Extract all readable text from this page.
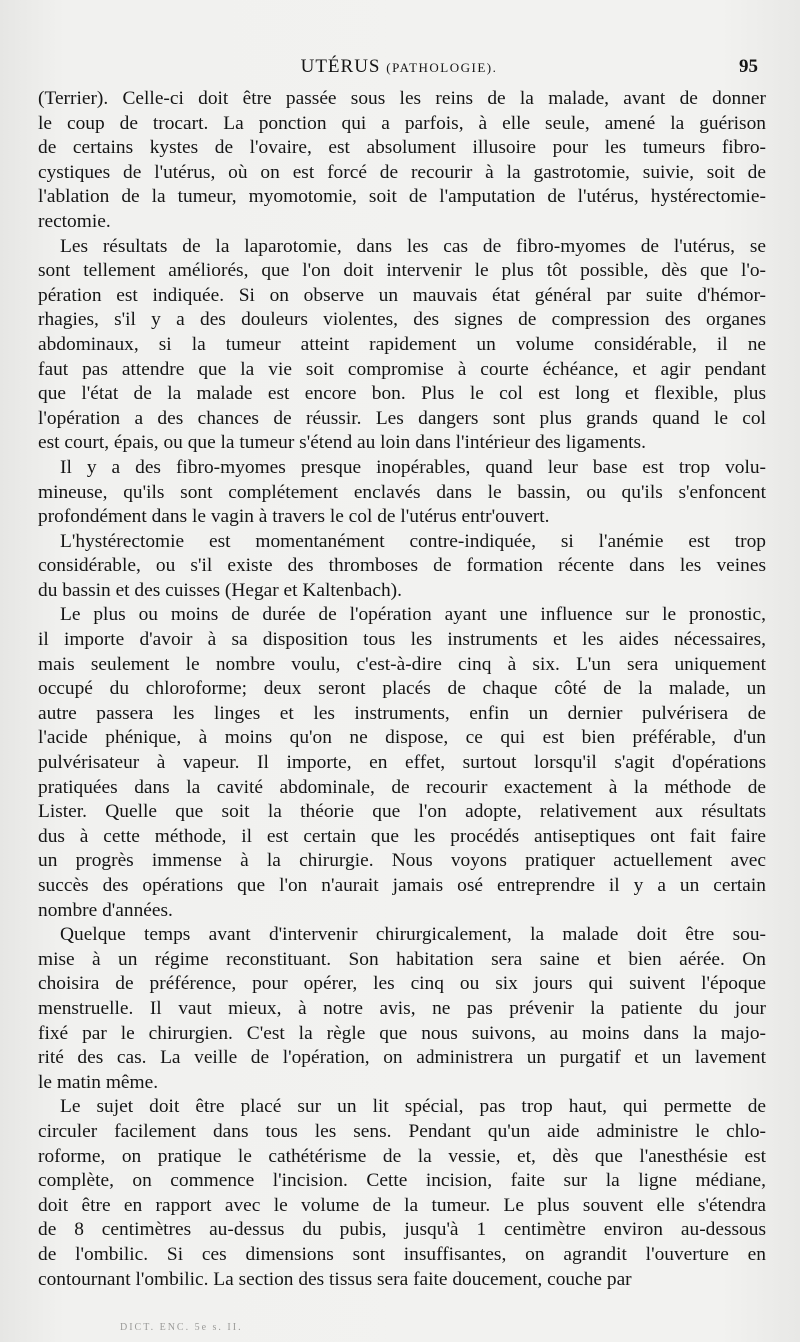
UTÉRUS (PATHOLOGIE).	95
(Terrier). Celle-ci doit être passée sous les reins de la malade, avant de donner
le coup de trocart. La ponction qui a parfois, à elle seule, amené la guérison
de certains kystes de l'ovaire, est absolument illusoire pour les tumeurs fibro-
cystiques de l'utérus, où on est forcé de recourir à la gastrotomie, suivie, soit de
l'ablation de la tumeur, myomotomie, soit de l'amputation de l'utérus, hystérectomie-
rectomie.
Les résultats de la laparotomie, dans les cas de fibro-myomes de l'utérus, se
sont tellement améliorés, que l'on doit intervenir le plus tôt possible, dès que l'o-
pération est indiquée. Si on observe un mauvais état général par suite d'hémor-
rhagies, s'il y a des douleurs violentes, des signes de compression des organes
abdominaux, si la tumeur atteint rapidement un volume considérable, il ne
faut pas attendre que la vie soit compromise à courte échéance, et agir pendant
que l'état de la malade est encore bon. Plus le col est long et flexible, plus
l'opération a des chances de réussir. Les dangers sont plus grands quand le col
est court, épais, ou que la tumeur s'étend au loin dans l'intérieur des ligaments.
Il y a des fibro-myomes presque inopérables, quand leur base est trop volu-
mineuse, qu'ils sont complétement enclavés dans le bassin, ou qu'ils s'enfoncent
profondément dans le vagin à travers le col de l'utérus entr'ouvert.
L'hystérectomie est momentanément contre-indiquée, si l'anémie est trop
considérable, ou s'il existe des thromboses de formation récente dans les veines
du bassin et des cuisses (Hegar et Kaltenbach).
Le plus ou moins de durée de l'opération ayant une influence sur le pronostic,
il importe d'avoir à sa disposition tous les instruments et les aides nécessaires,
mais seulement le nombre voulu, c'est-à-dire cinq à six. L'un sera uniquement
occupé du chloroforme; deux seront placés de chaque côté de la malade, un
autre passera les linges et les instruments, enfin un dernier pulvérisera de
l'acide phénique, à moins qu'on ne dispose, ce qui est bien préférable, d'un
pulvérisateur à vapeur. Il importe, en effet, surtout lorsqu'il s'agit d'opérations
pratiquées dans la cavité abdominale, de recourir exactement à la méthode de
Lister. Quelle que soit la théorie que l'on adopte, relativement aux résultats
dus à cette méthode, il est certain que les procédés antiseptiques ont fait faire
un progrès immense à la chirurgie. Nous voyons pratiquer actuellement avec
succès des opérations que l'on n'aurait jamais osé entreprendre il y a un certain
nombre d'années.
Quelque temps avant d'intervenir chirurgicalement, la malade doit être sou-
mise à un régime reconstituant. Son habitation sera saine et bien aérée. On
choisira de préférence, pour opérer, les cinq ou six jours qui suivent l'époque
menstruelle. Il vaut mieux, à notre avis, ne pas prévenir la patiente du jour
fixé par le chirurgien. C'est la règle que nous suivons, au moins dans la majo-
rité des cas. La veille de l'opération, on administrera un purgatif et un lavement
le matin même.
Le sujet doit être placé sur un lit spécial, pas trop haut, qui permette de
circuler facilement dans tous les sens. Pendant qu'un aide administre le chlo-
roforme, on pratique le cathétérisme de la vessie, et, dès que l'anesthésie est
complète, on commence l'incision. Cette incision, faite sur la ligne médiane,
doit être en rapport avec le volume de la tumeur. Le plus souvent elle s'étendra
de 8 centimètres au-dessus du pubis, jusqu'à 1 centimètre environ au-dessous
de l'ombilic. Si ces dimensions sont insuffisantes, on agrandit l'ouverture en
contournant l'ombilic. La section des tissus sera faite doucement, couche par
DICT. ENC. 5e s. II.
